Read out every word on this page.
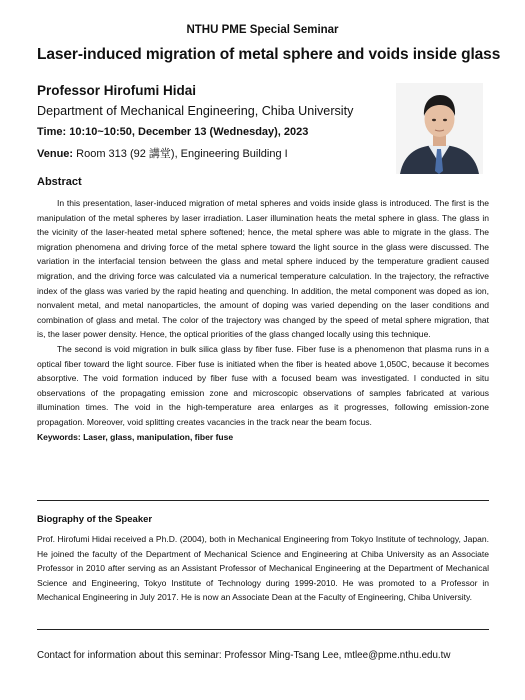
NTHU PME Special Seminar
Laser-induced migration of metal sphere and voids inside glass
Professor Hirofumi Hidai
Department of Mechanical Engineering, Chiba University
Time: 10:10~10:50, December 13 (Wednesday), 2023
Venue: Room 313 (92 講堂), Engineering Building I
Abstract

In this presentation, laser-induced migration of metal spheres and voids inside glass is introduced. The first is the manipulation of the metal spheres by laser irradiation. Laser illumination heats the metal sphere in glass. The glass in the vicinity of the laser-heated metal sphere softened; hence, the metal sphere was able to migrate in the glass. The migration phenomena and driving force of the metal sphere toward the light source in the glass were discussed. The variation in the interfacial tension between the glass and metal sphere induced by the temperature gradient caused migration, and the driving force was calculated via a numerical temperature calculation. In the trajectory, the refractive index of the glass was varied by the rapid heating and quenching. In addition, the metal component was doped as ion, nonvalent metal, and metal nanoparticles, the amount of doping was varied depending on the laser conditions and combination of glass and metal. The color of the trajectory was changed by the speed of metal sphere migration, that is, the laser power density. Hence, the optical priorities of the glass changed locally using this technique.

The second is void migration in bulk silica glass by fiber fuse. Fiber fuse is a phenomenon that plasma runs in a optical fiber toward the light source. Fiber fuse is initiated when the fiber is heated above 1,050C, because it becomes absorptive. The void formation induced by fiber fuse with a focused beam was investigated. I conducted in situ observations of the propagating emission zone and microscopic observations of samples fabricated at various illumination times. The void in the high-temperature area enlarges as it progresses, following emission-zone propagation. Moreover, void splitting creates vacancies in the track near the beam focus.

Keywords: Laser, glass, manipulation, fiber fuse

Biography of the Speaker
Prof. Hirofumi Hidai received a Ph.D. (2004), both in Mechanical Engineering from Tokyo Institute of technology, Japan. He joined the faculty of the Department of Mechanical Science and Engineering at Chiba University as an Associate Professor in 2010 after serving as an Assistant Professor of Mechanical Engineering at the Department of Mechanical Science and Engineering, Tokyo Institute of Technology during 1999-2010. He was promoted to a Professor in Mechanical Engineering in July 2017. He is now an Associate Dean at the Faculty of Engineering, Chiba University.
Contact for information about this seminar: Professor Ming-Tsang Lee, mtlee@pme.nthu.edu.tw
